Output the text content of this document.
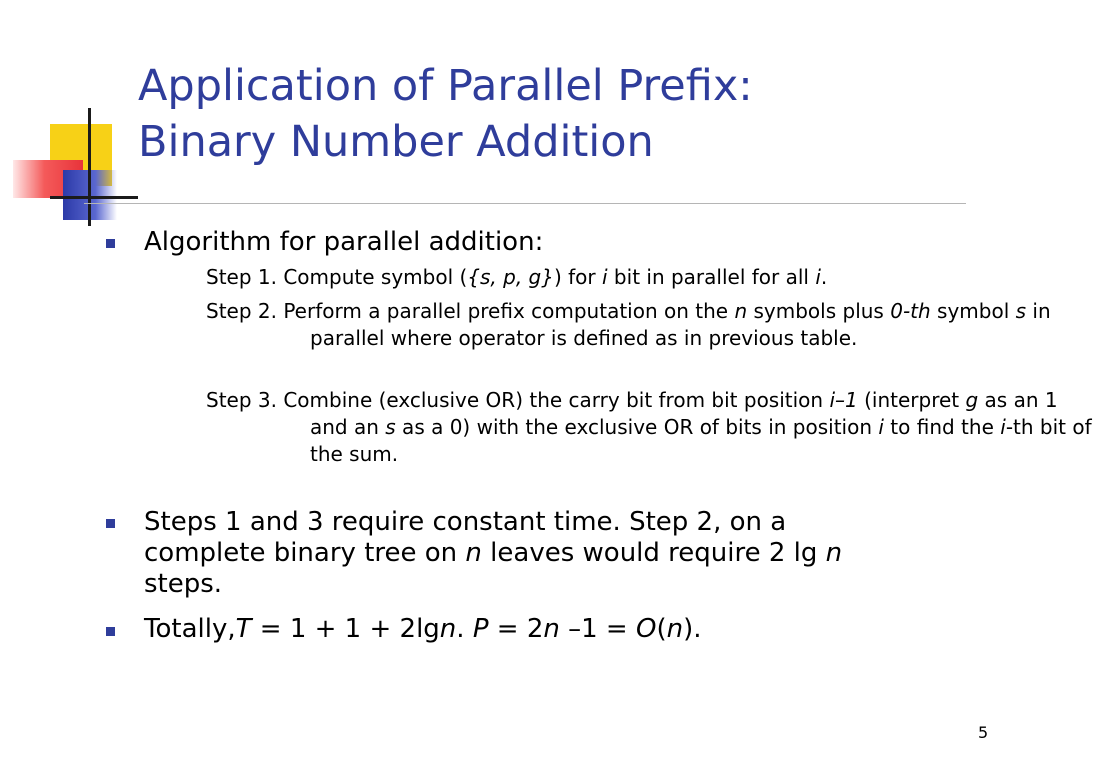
Application of Parallel Prefix:
Binary Number Addition
Algorithm for parallel addition:
Step 1. Compute symbol ({s, p, g}) for i bit in parallel for all i.
Step 2. Perform a parallel prefix computation on the n symbols plus 0-th symbol s in parallel where operator is defined as in previous table.
Step 3. Combine (exclusive OR) the carry bit from bit position i–1 (interpret g as an 1 and an s as a 0) with the exclusive OR of bits in position i to find the i-th bit of the sum.
Steps 1 and 3 require constant time. Step 2, on a
complete binary tree on n leaves would require 2 lg n
steps.
Totally,T = 1 + 1 + 2lgn. P = 2n –1 = O(n).
5
